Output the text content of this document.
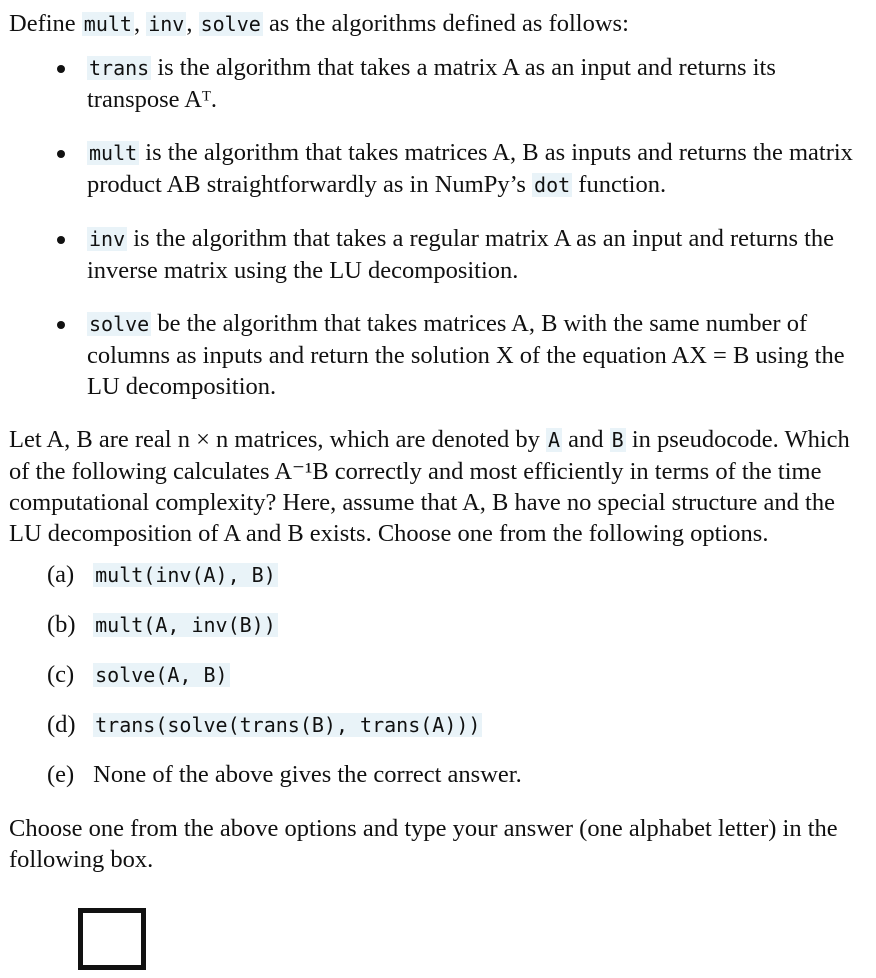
Define mult, inv, solve as the algorithms defined as follows:

trans is the algorithm that takes a matrix A as an input and returns its transpose Aᵀ.
mult is the algorithm that takes matrices A, B as inputs and returns the matrix product AB straightforwardly as in NumPy’s dot function.
inv is the algorithm that takes a regular matrix A as an input and returns the inverse matrix using the LU decomposition.
solve be the algorithm that takes matrices A, B with the same number of columns as inputs and return the solution X of the equation AX = B using the LU decomposition.

Let A, B are real n × n matrices, which are denoted by A and B in pseudocode. Which of the following calculates A⁻¹B correctly and most efficiently in terms of the time computational complexity? Here, assume that A, B have no special structure and the LU decomposition of A and B exists. Choose one from the following options.

(a) mult(inv(A), B)
(b) mult(A, inv(B))
(c) solve(A, B)
(d) trans(solve(trans(B), trans(A)))
(e) None of the above gives the correct answer.

Choose one from the above options and type your answer (one alphabet letter) in the following box.
